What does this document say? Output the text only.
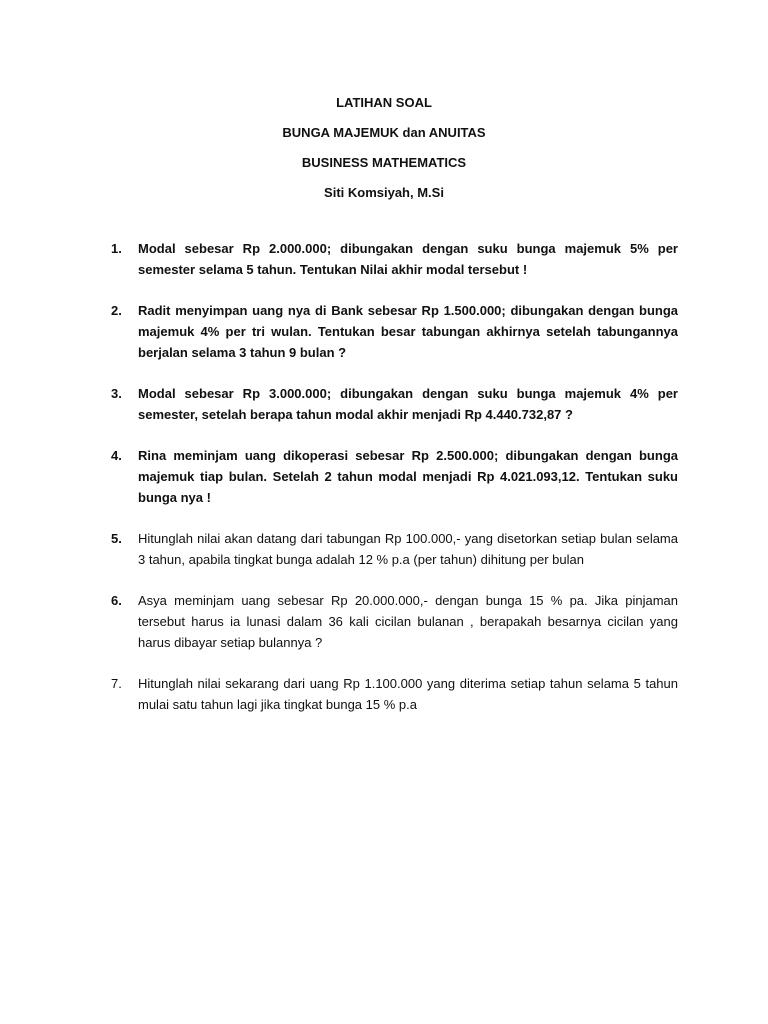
LATIHAN SOAL
BUNGA MAJEMUK dan ANUITAS
BUSINESS MATHEMATICS
Siti Komsiyah, M.Si
1. Modal sebesar Rp 2.000.000; dibungakan dengan suku bunga majemuk 5% per semester selama 5 tahun. Tentukan Nilai akhir modal tersebut !
2. Radit menyimpan uang nya di Bank sebesar Rp 1.500.000; dibungakan dengan bunga majemuk 4% per tri wulan. Tentukan besar tabungan akhirnya setelah tabungannya berjalan selama 3 tahun 9 bulan ?
3. Modal sebesar Rp 3.000.000; dibungakan dengan suku bunga majemuk 4% per semester, setelah berapa tahun modal akhir menjadi Rp 4.440.732,87 ?
4. Rina meminjam uang dikoperasi sebesar Rp 2.500.000; dibungakan dengan bunga majemuk tiap bulan. Setelah 2 tahun modal menjadi Rp 4.021.093,12. Tentukan suku bunga nya !
5. Hitunglah nilai akan datang dari tabungan Rp 100.000,- yang disetorkan setiap bulan selama 3 tahun, apabila tingkat bunga adalah 12 % p.a (per tahun) dihitung per bulan
6. Asya meminjam uang sebesar Rp 20.000.000,- dengan bunga 15 % pa. Jika pinjaman tersebut harus ia lunasi dalam 36 kali cicilan bulanan , berapakah besarnya cicilan yang harus dibayar setiap bulannya ?
7. Hitunglah nilai sekarang dari uang Rp 1.100.000 yang diterima setiap tahun selama 5 tahun mulai satu tahun lagi jika tingkat bunga 15 % p.a
